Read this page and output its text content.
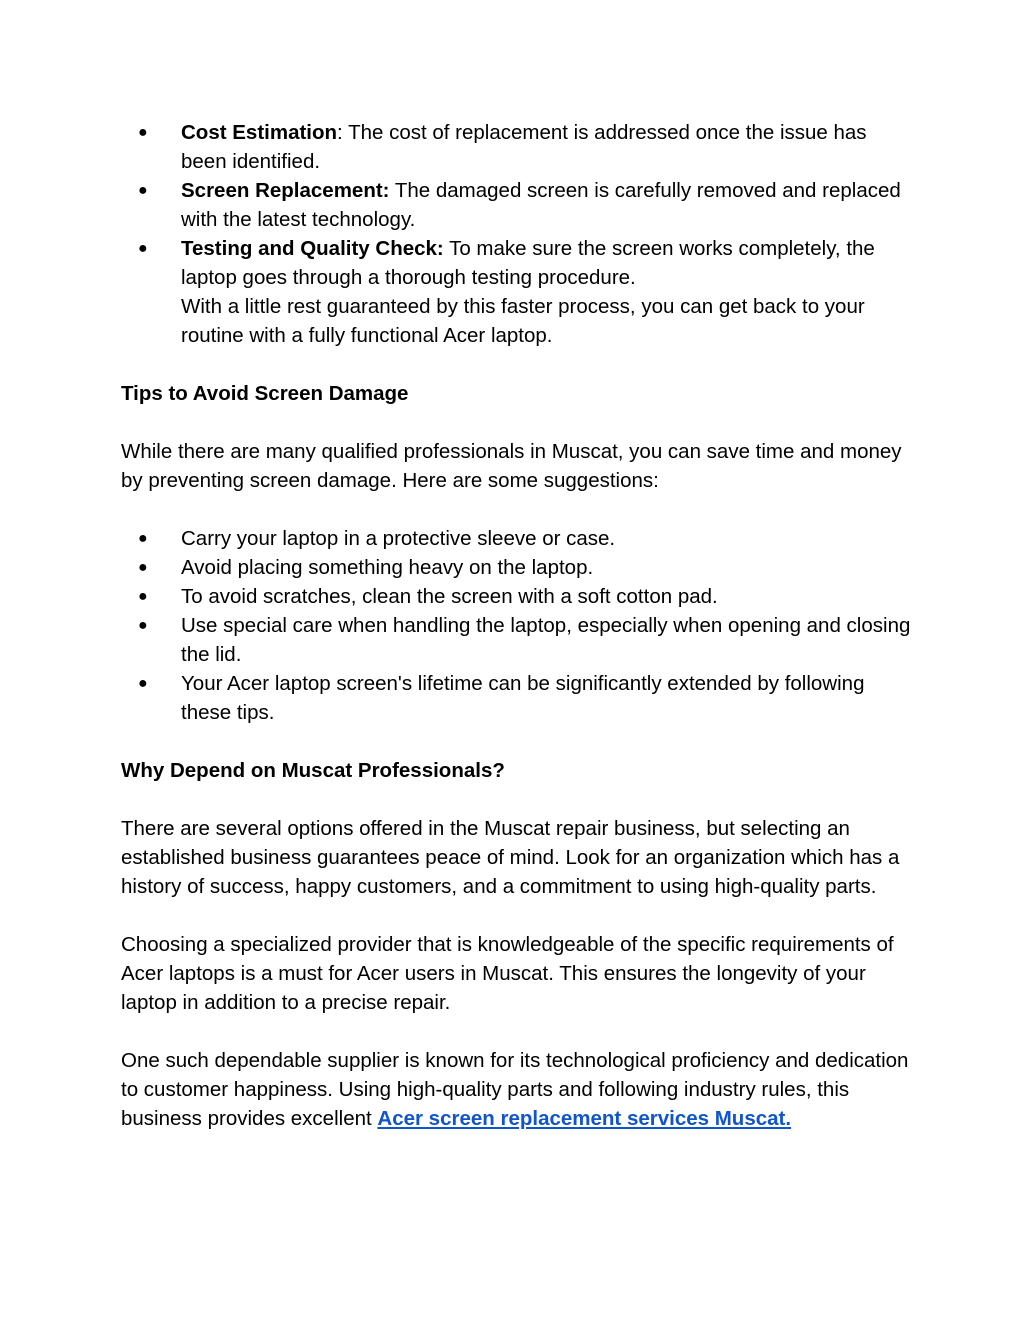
● Cost Estimation: The cost of replacement is addressed once the issue has been identified.
● Screen Replacement: The damaged screen is carefully removed and replaced with the latest technology.
● Testing and Quality Check: To make sure the screen works completely, the laptop goes through a thorough testing procedure.
With a little rest guaranteed by this faster process, you can get back to your routine with a fully functional Acer laptop.

Tips to Avoid Screen Damage

While there are many qualified professionals in Muscat, you can save time and money by preventing screen damage. Here are some suggestions:

● Carry your laptop in a protective sleeve or case.
● Avoid placing something heavy on the laptop.
● To avoid scratches, clean the screen with a soft cotton pad.
● Use special care when handling the laptop, especially when opening and closing the lid.
● Your Acer laptop screen's lifetime can be significantly extended by following these tips.

Why Depend on Muscat Professionals?

There are several options offered in the Muscat repair business, but selecting an established business guarantees peace of mind. Look for an organization which has a history of success, happy customers, and a commitment to using high-quality parts.

Choosing a specialized provider that is knowledgeable of the specific requirements of Acer laptops is a must for Acer users in Muscat. This ensures the longevity of your laptop in addition to a precise repair.

One such dependable supplier is known for its technological proficiency and dedication to customer happiness. Using high-quality parts and following industry rules, this business provides excellent Acer screen replacement services Muscat.
